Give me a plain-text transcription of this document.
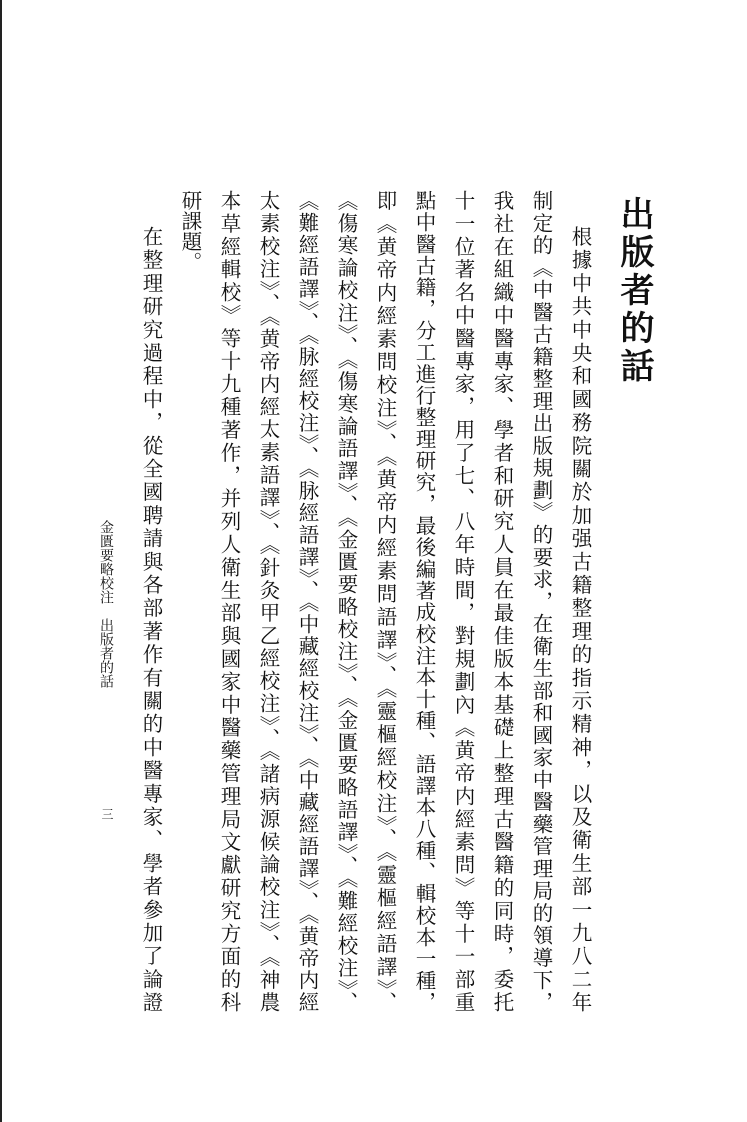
出版者的話
根據中共中央和國務院關於加强古籍整理的指示精神，以及衛生部一九八二年
制定的《中醫古籍整理出版規劃》的要求，在衛生部和國家中醫藥管理局的領導下，
我社在組織中醫專家、學者和研究人員在最佳版本基礎上整理古醫籍的同時，委托
十一位著名中醫專家，用了七、八年時間，對規劃內《黄帝内經素問》等十一部重
點中醫古籍，分工進行整理研究，最後編著成校注本十種、語譯本八種、輯校本一種，
即《黄帝内經素問校注》、《黄帝内經素問語譯》、《靈樞經校注》、《靈樞經語譯》、
《傷寒論校注》、《傷寒論語譯》、《金匱要略校注》、《金匱要略語譯》、《難經校注》、
《難經語譯》、《脉經校注》、《脉經語譯》、《中藏經校注》、《中藏經語譯》、《黄帝内經
太素校注》、《黄帝内經太素語譯》、《針灸甲乙經校注》、《諸病源候論校注》、《神農
本草經輯校》等十九種著作，并列人衛生部與國家中醫藥管理局文獻研究方面的科
研課題。
在整理研究過程中，從全國聘請與各部著作有關的中醫專家、學者參加了論證
金匱要略校注　出版者的話
三
